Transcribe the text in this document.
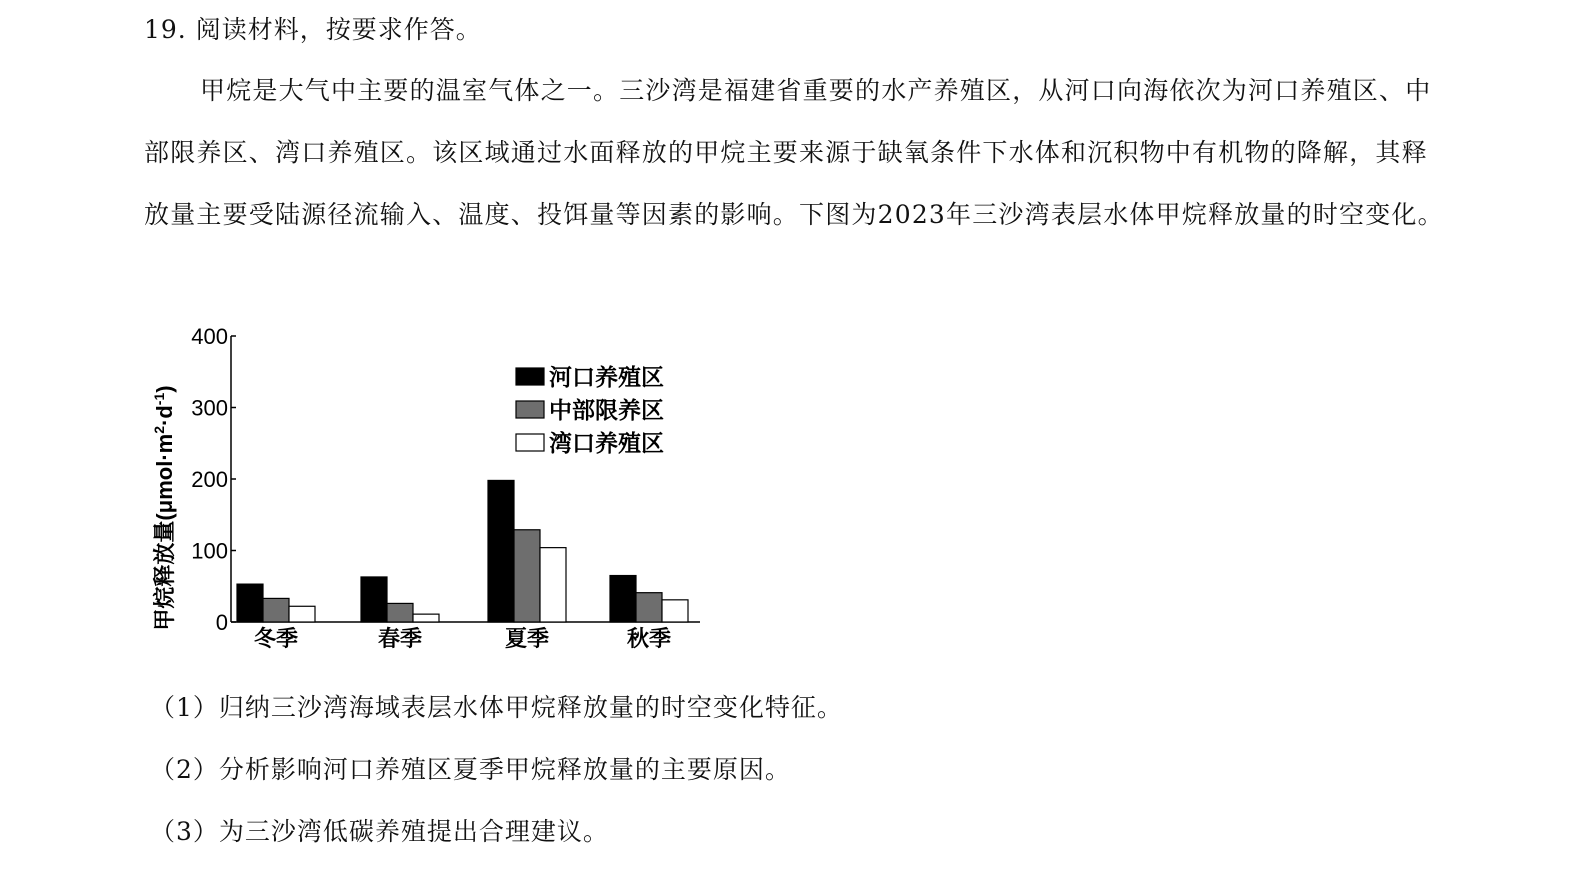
19. 阅读材料，按要求作答。
甲烷是大气中主要的温室气体之一。三沙湾是福建省重要的水产养殖区，从河口向海依次为河口养殖区、中部限养区、湾口养殖区。该区域通过水面释放的甲烷主要来源于缺氧条件下水体和沉积物中有机物的降解，其释放量主要受陆源径流输入、温度、投饵量等因素的影响。下图为2023年三沙湾表层水体甲烷释放量的时空变化。
0
100
200
300
400
冬季	春季	夏季	秋季
河口养殖区
中部限养区
湾口养殖区
甲烷释放量$(\mu mol\cdot m^2\cdot d^{-1})$
（1）归纳三沙湾海域表层水体甲烷释放量的时空变化特征。
（2）分析影响河口养殖区夏季甲烷释放量的主要原因。
（3）为三沙湾低碳养殖提出合理建议。
